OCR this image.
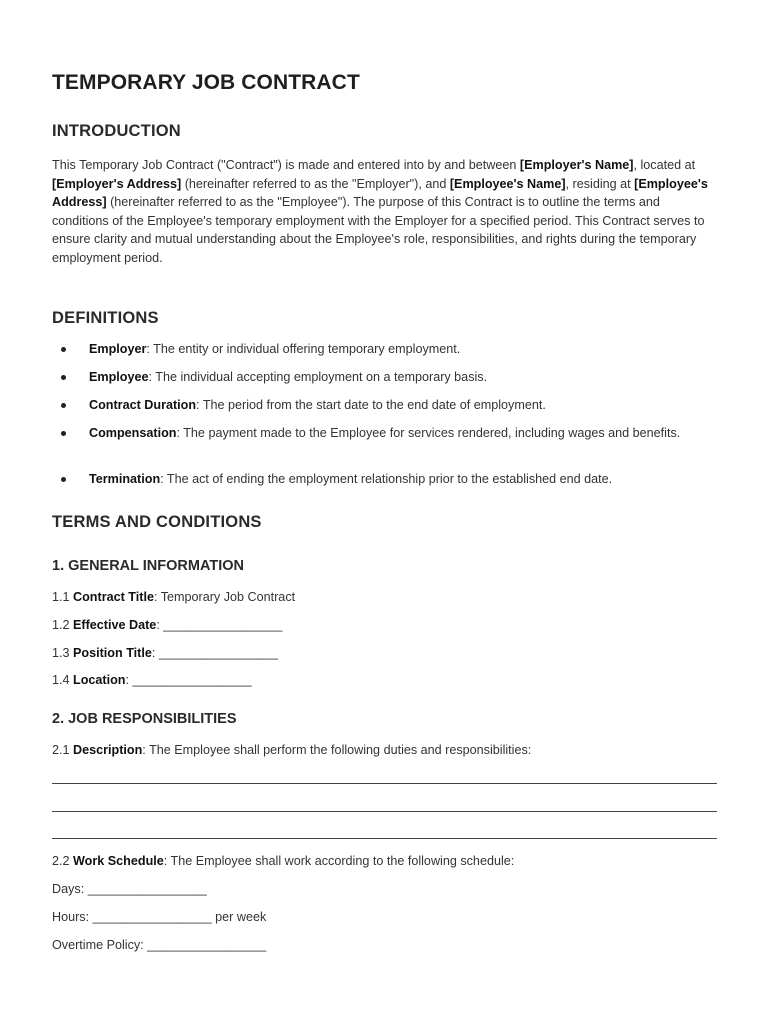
TEMPORARY JOB CONTRACT
INTRODUCTION

This Temporary Job Contract ("Contract") is made and entered into by and between [Employer's Name], located at [Employer's Address] (hereinafter referred to as the "Employer"), and [Employee's Name], residing at [Employee's Address] (hereinafter referred to as the "Employee"). The purpose of this Contract is to outline the terms and conditions of the Employee's temporary employment with the Employer for a specified period. This Contract serves to ensure clarity and mutual understanding about the Employee's role, responsibilities, and rights during the temporary employment period.

DEFINITIONS
Employer: The entity or individual offering temporary employment.
Employee: The individual accepting employment on a temporary basis.
Contract Duration: The period from the start date to the end date of employment.
Compensation: The payment made to the Employee for services rendered, including wages and benefits.
Termination: The act of ending the employment relationship prior to the established end date.
TERMS AND CONDITIONS
1. GENERAL INFORMATION
1.1 Contract Title: Temporary Job Contract
1.2 Effective Date: _________________
1.3 Position Title: _________________
1.4 Location: _________________
2. JOB RESPONSIBILITIES
2.1 Description: The Employee shall perform the following duties and responsibilities:
2.2 Work Schedule: The Employee shall work according to the following schedule:
Days: _________________
Hours: _________________ per week
Overtime Policy: _________________
